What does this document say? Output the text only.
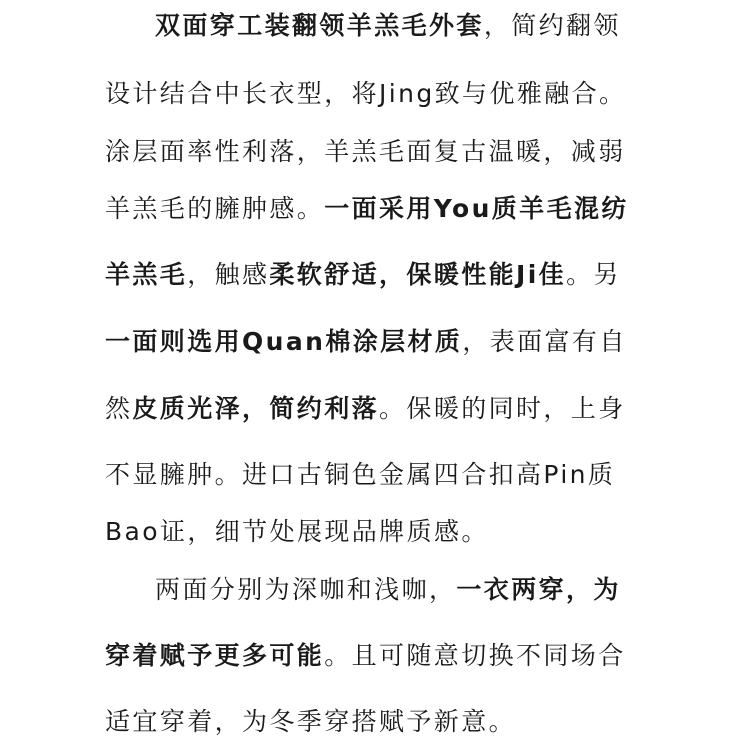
双面穿工装翻领羊羔毛外套，简约翻领
设计结合中长衣型，将Jing致与优雅融合。
涂层面率性利落，羊羔毛面复古温暖，减弱
羊羔毛的臃肿感。一面采用You质羊毛混纺
羊羔毛，触感柔软舒适，保暖性能Ji佳。另
一面则选用Quan棉涂层材质，表面富有自
然皮质光泽，简约利落。保暖的同时，上身
不显臃肿。进口古铜色金属四合扣高Pin质
Bao证，细节处展现品牌质感。
两面分别为深咖和浅咖，一衣两穿，为
穿着赋予更多可能。且可随意切换不同场合
适宜穿着，为冬季穿搭赋予新意。
